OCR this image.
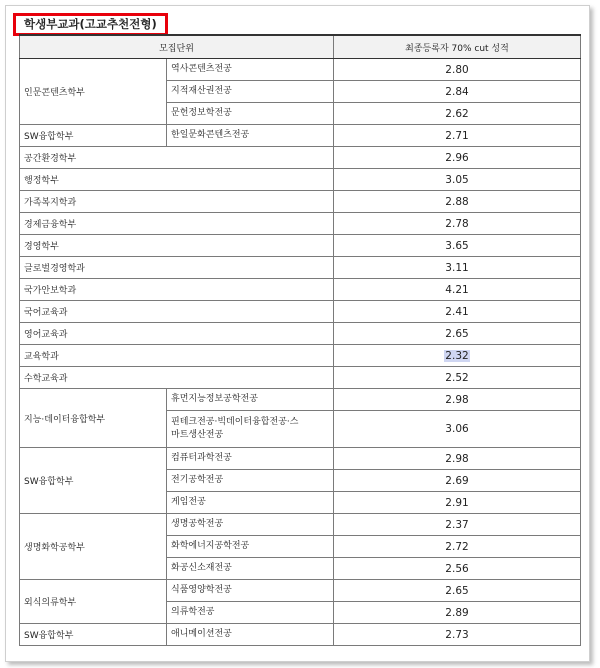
학생부교과(고교추천전형)
모집단위		최종등록자 70% cut 성적
인문콘텐츠학부	역사콘텐츠전공	2.80
	지적재산권전공	2.84
	문헌정보학전공	2.62
SW융합학부	한일문화콘텐츠전공	2.71
공간환경학부		2.96
행정학부		3.05
가족복지학과		2.88
경제금융학부		2.78
경영학부		3.65
글로벌경영학과		3.11
국가안보학과		4.21
국어교육과		2.41
영어교육과		2.65
교육학과		2.32
수학교육과		2.52
지능·데이터융합학부	휴먼지능정보공학전공	2.98
	핀테크전공·빅데이터융합전공·스마트생산전공	3.06
SW융합학부	컴퓨터과학전공	2.98
	전기공학전공	2.69
	게임전공	2.91
생명화학공학부	생명공학전공	2.37
	화학에너지공학전공	2.72
	화공신소재전공	2.56
외식의류학부	식품영양학전공	2.65
	의류학전공	2.89
SW융합학부	애니메이션전공	2.73
